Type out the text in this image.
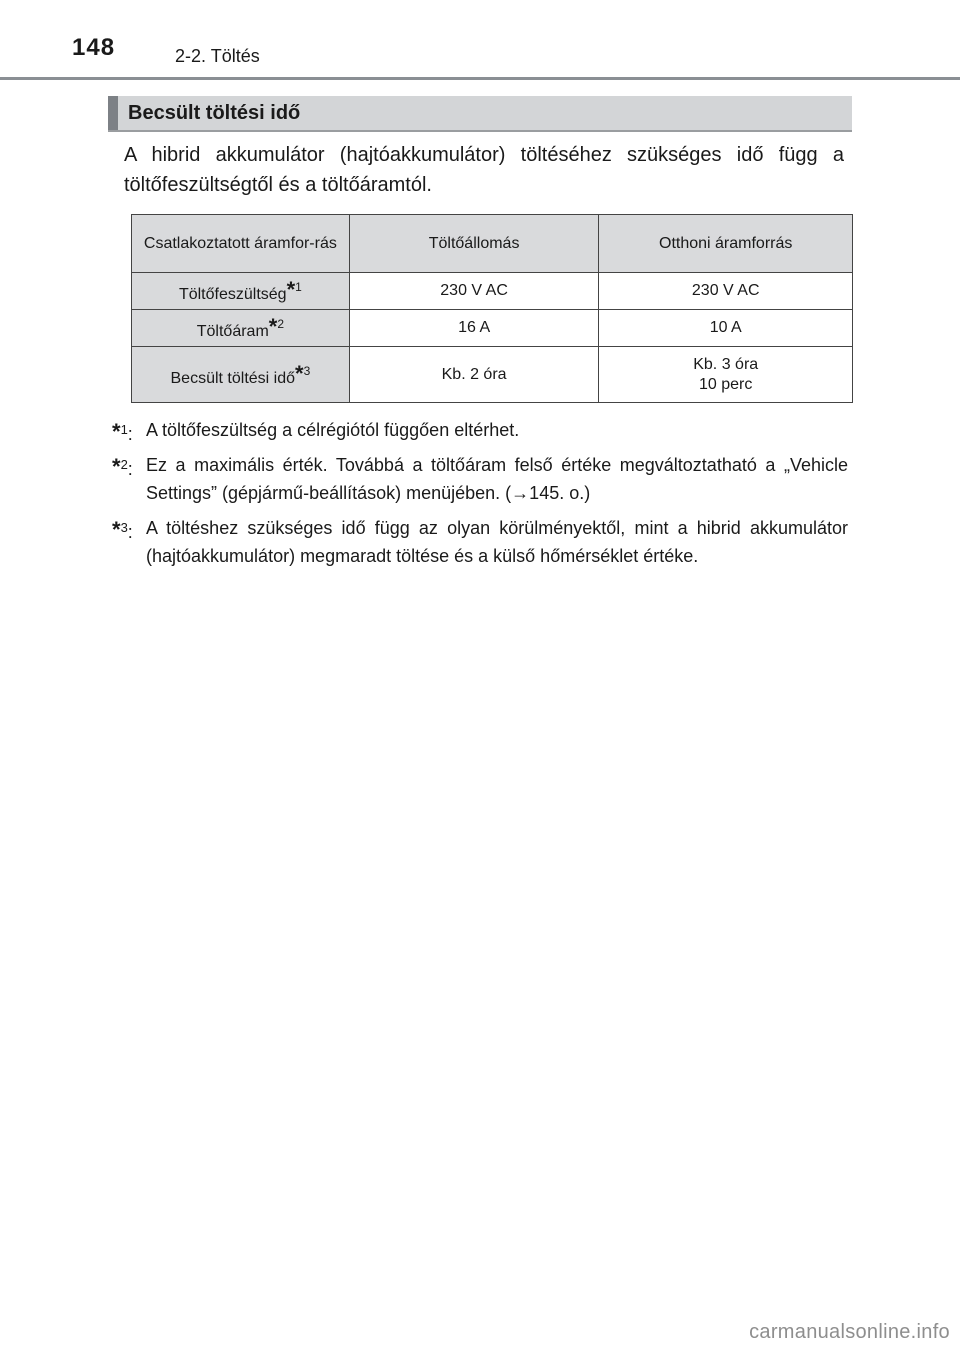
148	2-2. Töltés
Becsült töltési idő

A hibrid akkumulátor (hajtóakkumulátor) töltéséhez szükséges idő függ a töltőfeszültségtől és a töltőáramtól.

Csatlakoztatott áramfor-rás	Töltőállomás	Otthoni áramforrás
Töltőfeszültség*$^1$	230 V AC	230 V AC
Töltőáram*$^2$	16 A	10 A
Becsült töltési idő*$^3$	Kb. 2 óra	Kb. 3 óra
10 perc
*$^1$: A töltőfeszültség a célrégiótól függően eltérhet.
*$^2$: Ez a maximális érték. Továbbá a töltőáram felső értéke megváltoztatható a „Vehicle Settings” (gépjármű-beállítások) menüjében. (→145. o.)
*$^3$: A töltéshez szükséges idő függ az olyan körülményektől, mint a hibrid akkumulátor (hajtóakkumulátor) megmaradt töltése és a külső hőmérséklet értéke.
carmanualsonline.info
